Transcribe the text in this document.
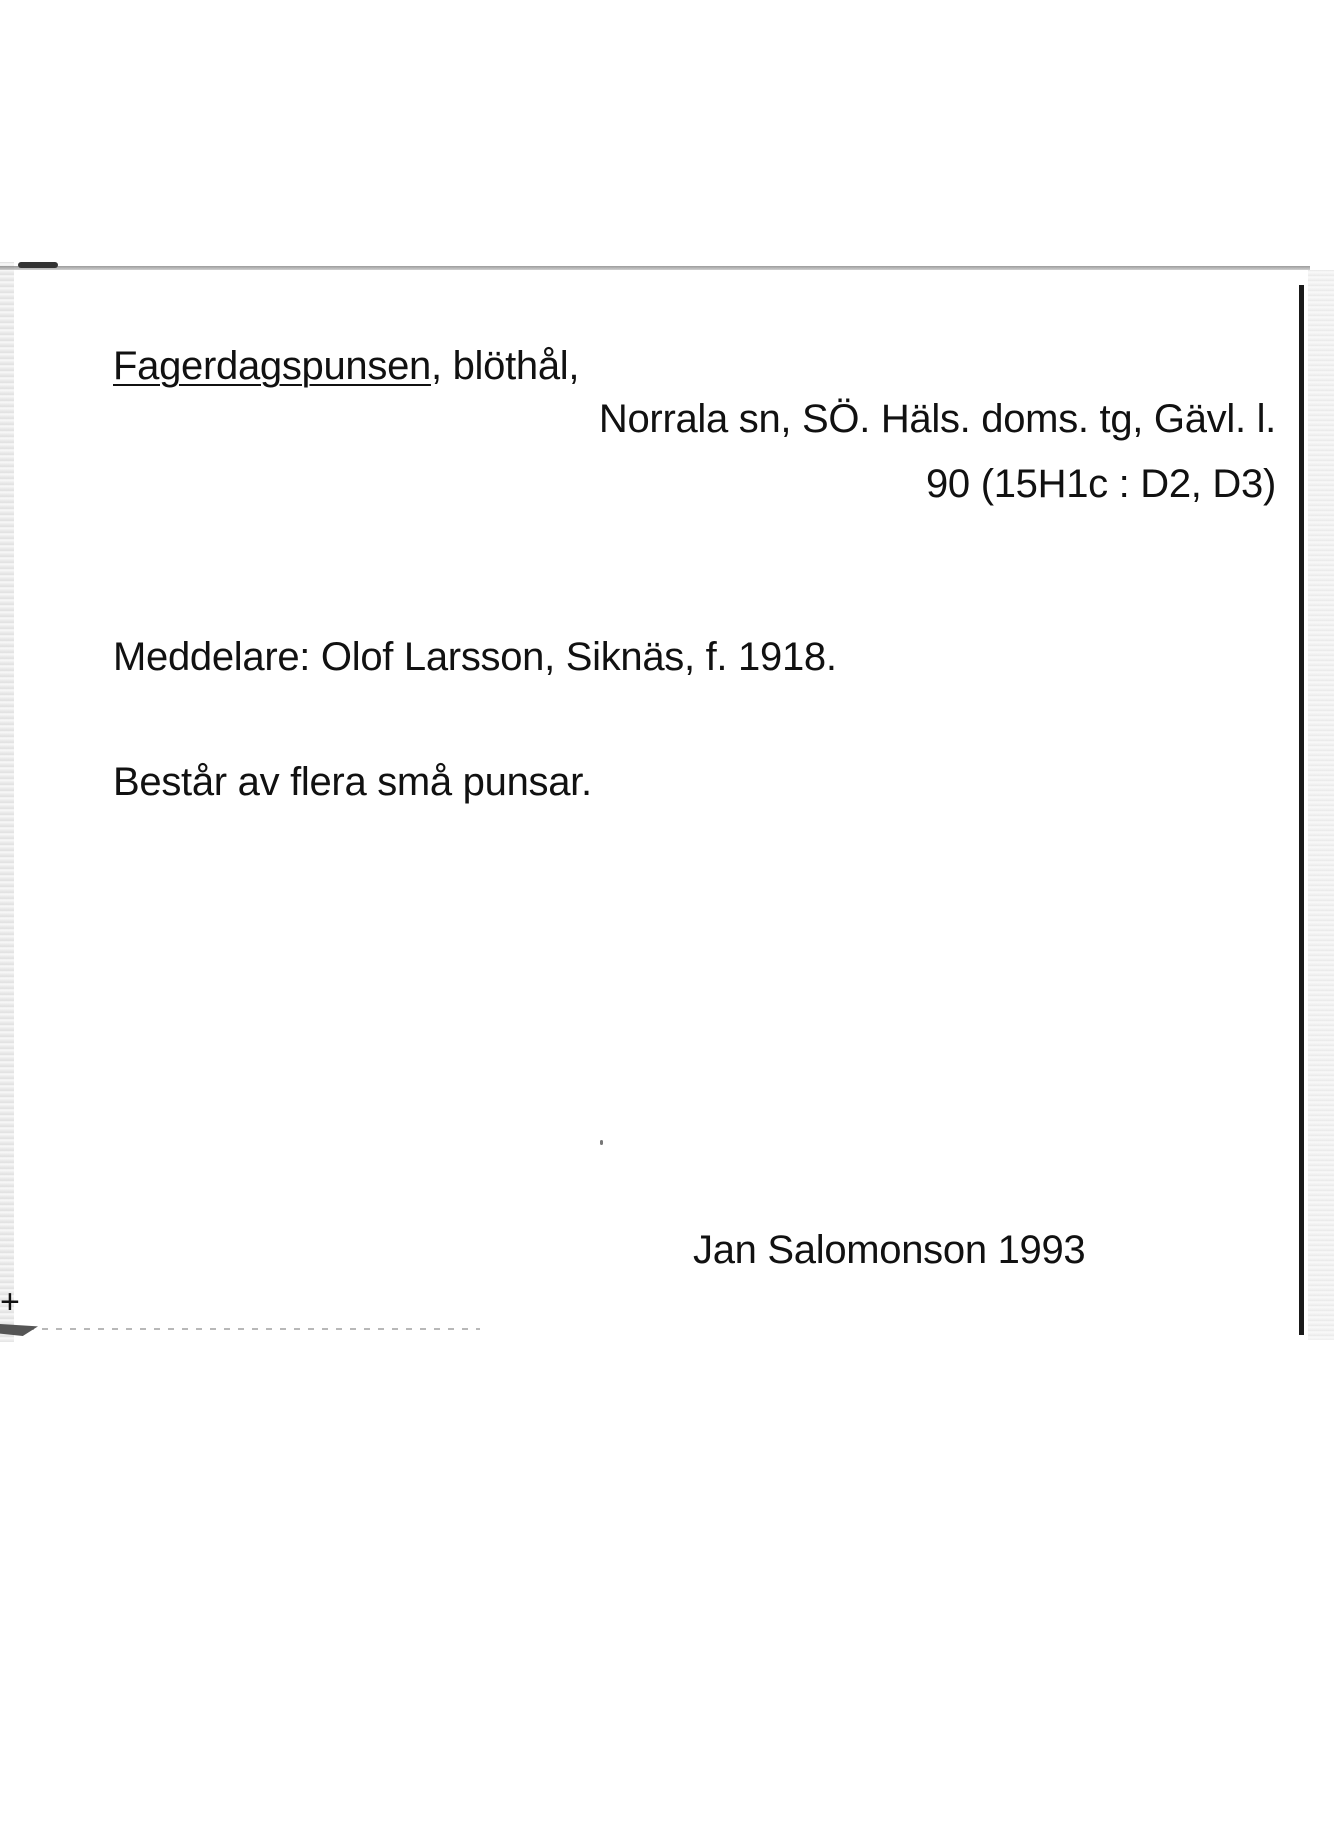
+
Fagerdagspunsen, blöthål,
Norrala sn, SÖ. Häls. doms. tg, Gävl. l.
90 (15H1c : D2, D3)
Meddelare: Olof Larsson, Siknäs, f. 1918.
Består av flera små punsar.
Jan Salomonson 1993
